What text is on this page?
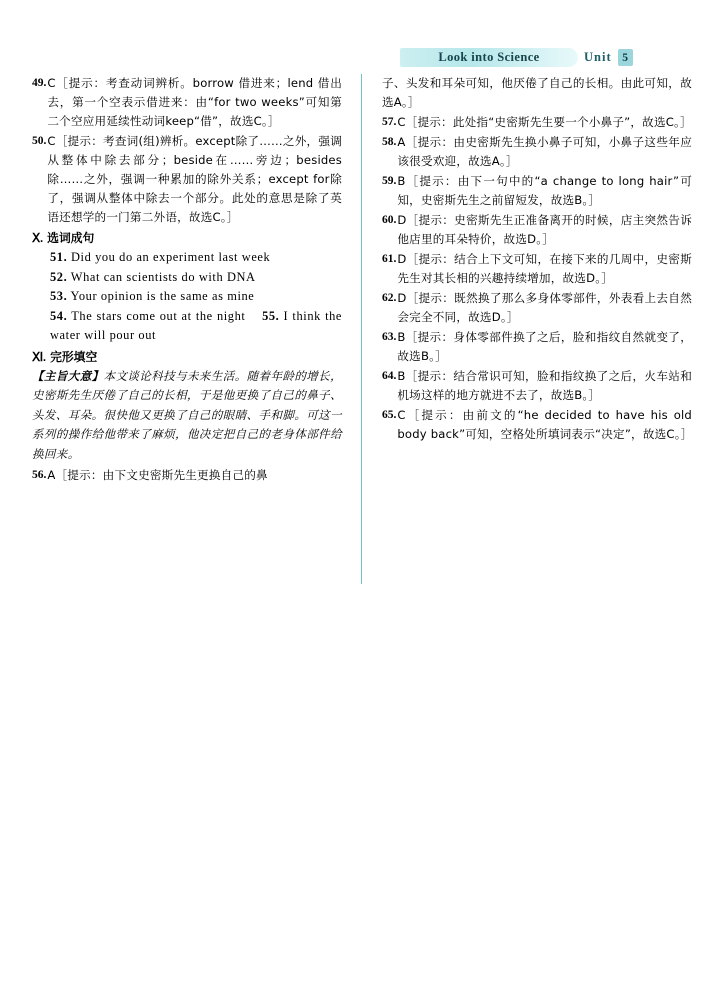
Look into Science	Unit 5
49. C［提示：考查动词辨析。borrow 借进来；lend 借出去，第一个空表示借进来：由“for two weeks”可知第二个空应用延续性动词keep“借”，故选C。］
50. C［提示：考查词(组)辨析。except除了……之外，强调从整体中除去部分；beside在……旁边；besides除……之外，强调一种累加的除外关系；except for除了，强调从整体中除去一个部分。此处的意思是除了英语还想学的一门第二外语，故选C。］
Ⅹ. 选词成句
51. Did you do an experiment last week
52. What can scientists do with DNA
53. Your opinion is the same as mine
54. The stars come out at the night 55. I think the water will pour out
Ⅺ. 完形填空
【主旨大意】本文谈论科技与未来生活。随着年龄的增长，史密斯先生厌倦了自己的长相，于是他更换了自己的鼻子、头发、耳朵。很快他又更换了自己的眼睛、手和脚。可这一系列的操作给他带来了麻烦，他决定把自己的老身体部件给换回来。
56. A［提示：由下文史密斯先生更换自己的鼻
子、头发和耳朵可知，他厌倦了自己的长相。由此可知，故选A。］
57. C［提示：此处指“史密斯先生要一个小鼻子”，故选C。］
58. A［提示：由史密斯先生换小鼻子可知，小鼻子这些年应该很受欢迎，故选A。］
59. B［提示：由下一句中的“a change to long hair”可知，史密斯先生之前留短发，故选B。］
60. D［提示：史密斯先生正准备离开的时候，店主突然告诉他店里的耳朵特价，故选D。］
61. D［提示：结合上下文可知，在接下来的几周中，史密斯先生对其长相的兴趣持续增加，故选D。］
62. D［提示：既然换了那么多身体零部件，外表看上去自然会完全不同，故选D。］
63. B［提示：身体零部件换了之后，脸和指纹自然就变了，故选B。］
64. B［提示：结合常识可知，脸和指纹换了之后，火车站和机场这样的地方就进不去了，故选B。］
65. C［提示：由前文的“he decided to have his old body back”可知，空格处所填词表示“决定”，故选C。］
